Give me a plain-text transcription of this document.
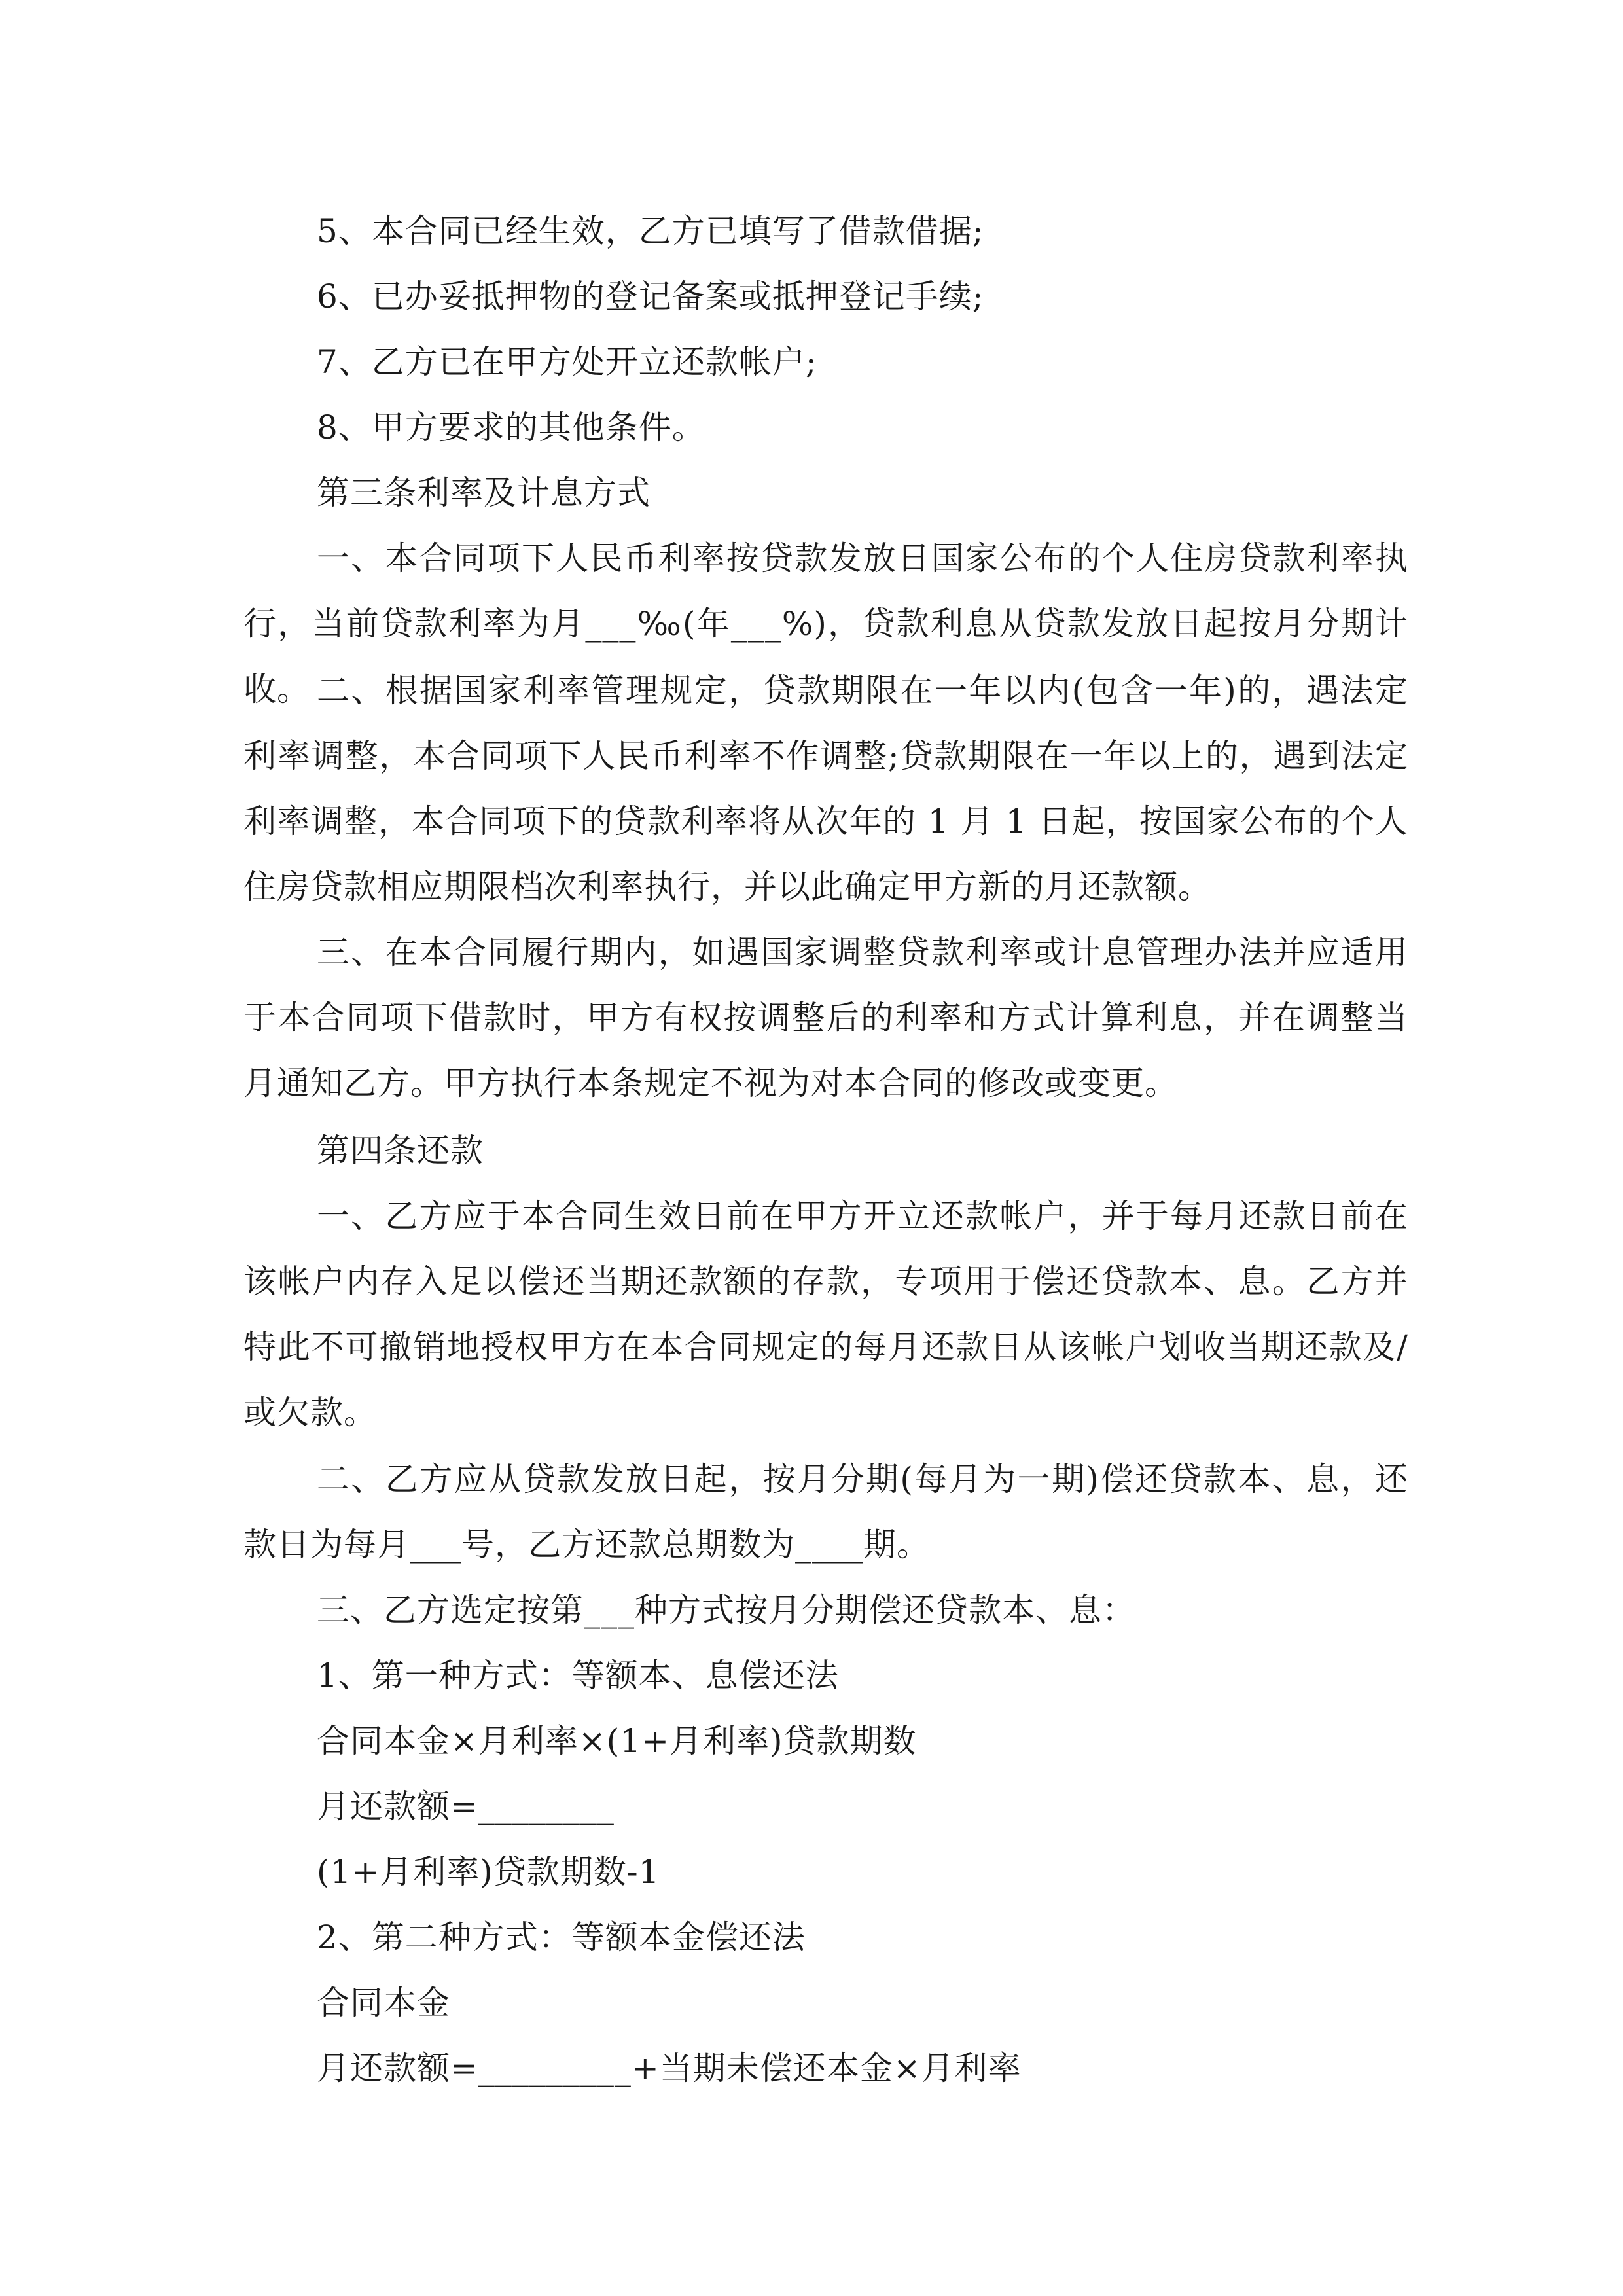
5、本合同已经生效，乙方已填写了借款借据;

6、已办妥抵押物的登记备案或抵押登记手续;

7、乙方已在甲方处开立还款帐户;

8、甲方要求的其他条件。

第三条利率及计息方式

一、本合同项下人民币利率按贷款发放日国家公布的个人住房贷款利率执行，当前贷款利率为月___‰(年___%)，贷款利息从贷款发放日起按月分期计收。 二、根据国家利率管理规定，贷款期限在一年以内(包含一年)的，遇法定利率调整，本合同项下人民币利率不作调整;贷款期限在一年以上的，遇到法定利率调整，本合同项下的贷款利率将从次年的 1 月 1 日起，按国家公布的个人住房贷款相应期限档次利率执行，并以此确定甲方新的月还款额。

三、在本合同履行期内，如遇国家调整贷款利率或计息管理办法并应适用于本合同项下借款时，甲方有权按调整后的利率和方式计算利息，并在调整当月通知乙方。甲方执行本条规定不视为对本合同的修改或变更。

第四条还款

一、乙方应于本合同生效日前在甲方开立还款帐户，并于每月还款日前在该帐户内存入足以偿还当期还款额的存款，专项用于偿还贷款本、息。乙方并特此不可撤销地授权甲方在本合同规定的每月还款日从该帐户划收当期还款及/或欠款。

二、乙方应从贷款发放日起，按月分期(每月为一期)偿还贷款本、息，还款日为每月___号，乙方还款总期数为____期。

三、乙方选定按第___种方式按月分期偿还贷款本、息：

1、第一种方式：等额本、息偿还法

合同本金×月利率×(1+月利率)贷款期数

月还款额=________

(1+月利率)贷款期数-1

2、第二种方式：等额本金偿还法

合同本金

月还款额=_________+当期未偿还本金×月利率
